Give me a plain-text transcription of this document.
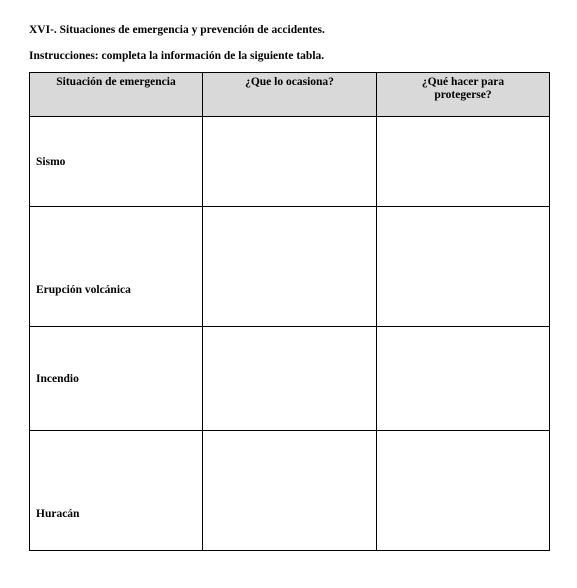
XVI-. Situaciones de emergencia y prevención de accidentes.
Instrucciones: completa la información de la siguiente tabla.
Situación de emergencia	¿Que lo ocasiona?	¿Qué hacer para protegerse?

Sismo		
Erupción volcánica		
Incendio		
Huracán		
